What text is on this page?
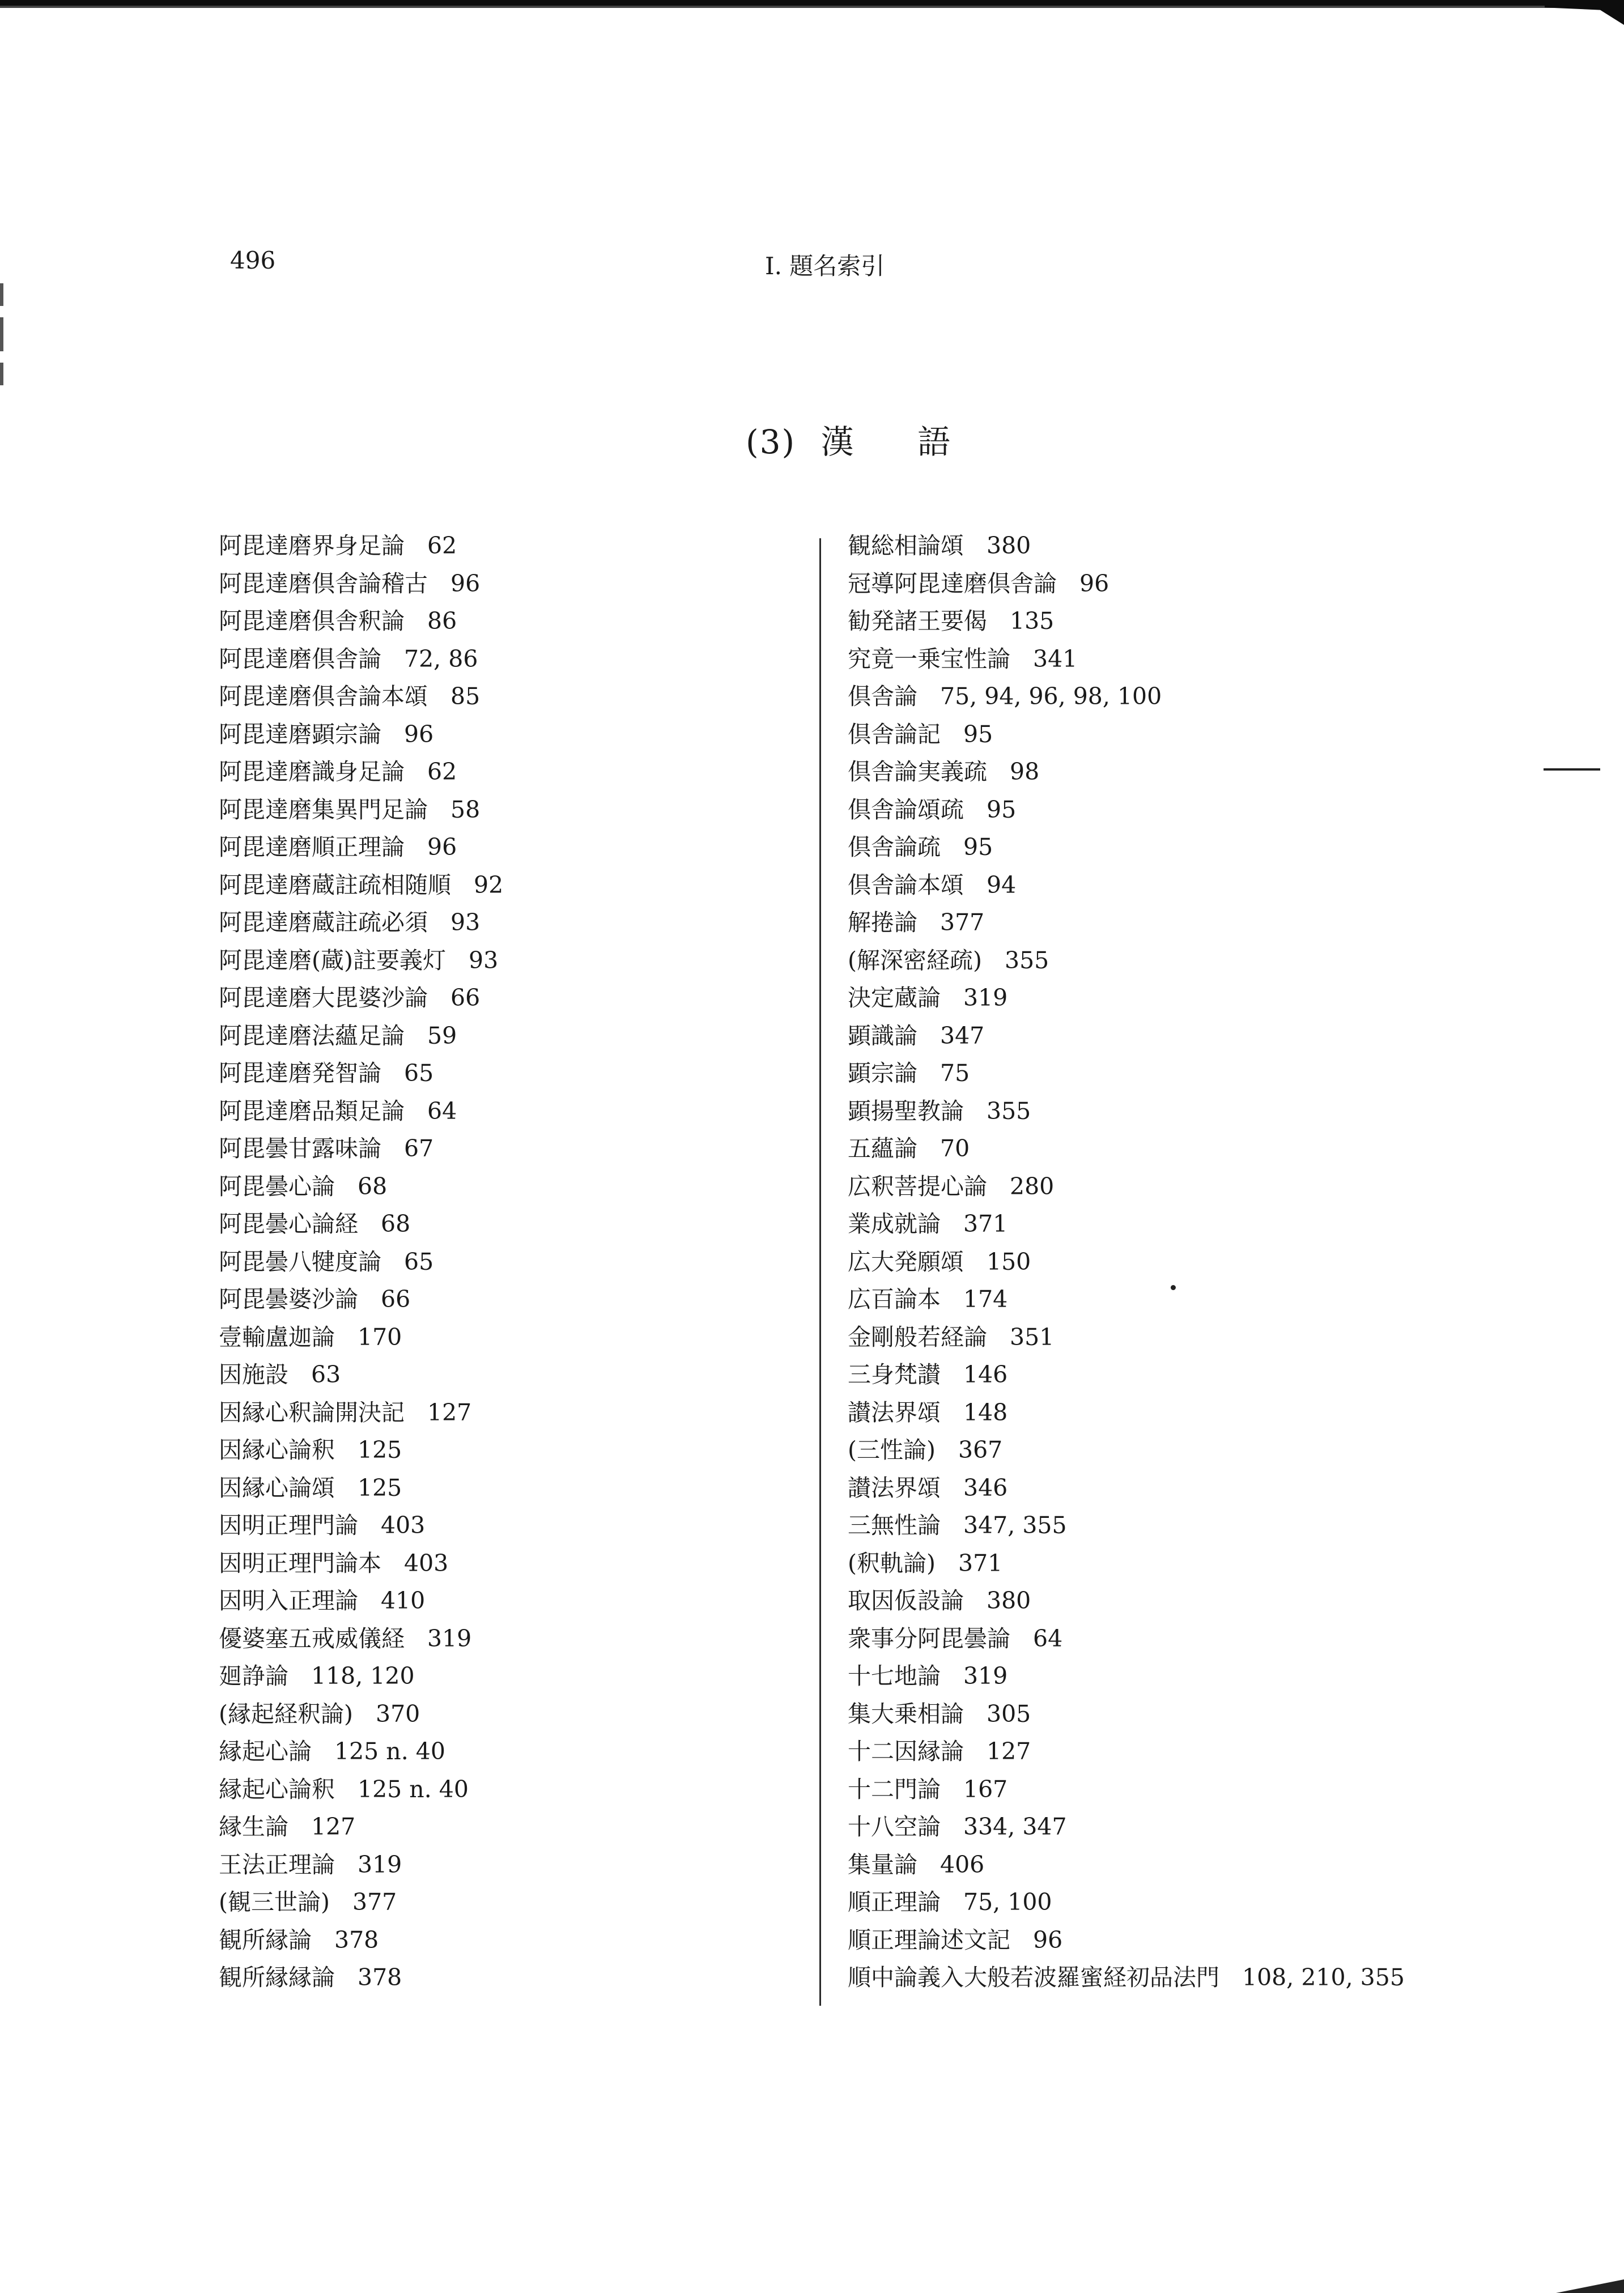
496	I. 題名索引
(3) 漢 語
阿毘達磨界身足論 62
阿毘達磨倶舎論稽古 96
阿毘達磨倶舎釈論 86
阿毘達磨倶舎論 72, 86
阿毘達磨倶舎論本頌 85
阿毘達磨顕宗論 96
阿毘達磨識身足論 62
阿毘達磨集異門足論 58
阿毘達磨順正理論 96
阿毘達磨蔵註疏相随順 92
阿毘達磨蔵註疏必須 93
阿毘達磨(蔵)註要義灯 93
阿毘達磨大毘婆沙論 66
阿毘達磨法蘊足論 59
阿毘達磨発智論 65
阿毘達磨品類足論 64
阿毘曇甘露味論 67
阿毘曇心論 68
阿毘曇心論経 68
阿毘曇八犍度論 65
阿毘曇婆沙論 66
壹輸盧迦論 170
因施設 63
因縁心釈論開決記 127
因縁心論釈 125
因縁心論頌 125
因明正理門論 403
因明正理門論本 403
因明入正理論 410
優婆塞五戒威儀経 319
廻諍論 118, 120
(縁起経釈論) 370
縁起心論 125 n. 40
縁起心論釈 125 n. 40
縁生論 127
王法正理論 319
(観三世論) 377
観所縁論 378
観所縁縁論 378
観総相論頌 380
冠導阿毘達磨倶舎論 96
勧発諸王要偈 135
究竟一乗宝性論 341
倶舎論 75, 94, 96, 98, 100
倶舎論記 95
倶舎論実義疏 98
倶舎論頌疏 95
倶舎論疏 95
倶舎論本頌 94
解捲論 377
(解深密経疏) 355
決定蔵論 319
顕識論 347
顕宗論 75
顕揚聖教論 355
五蘊論 70
広釈菩提心論 280
業成就論 371
広大発願頌 150
広百論本 174
金剛般若経論 351
三身梵讃 146
讃法界頌 148
(三性論) 367
讃法界頌 346
三無性論 347, 355
(釈軌論) 371
取因仮設論 380
衆事分阿毘曇論 64
十七地論 319
集大乗相論 305
十二因縁論 127
十二門論 167
十八空論 334, 347
集量論 406
順正理論 75, 100
順正理論述文記 96
順中論義入大般若波羅蜜経初品法門 108, 210, 355
